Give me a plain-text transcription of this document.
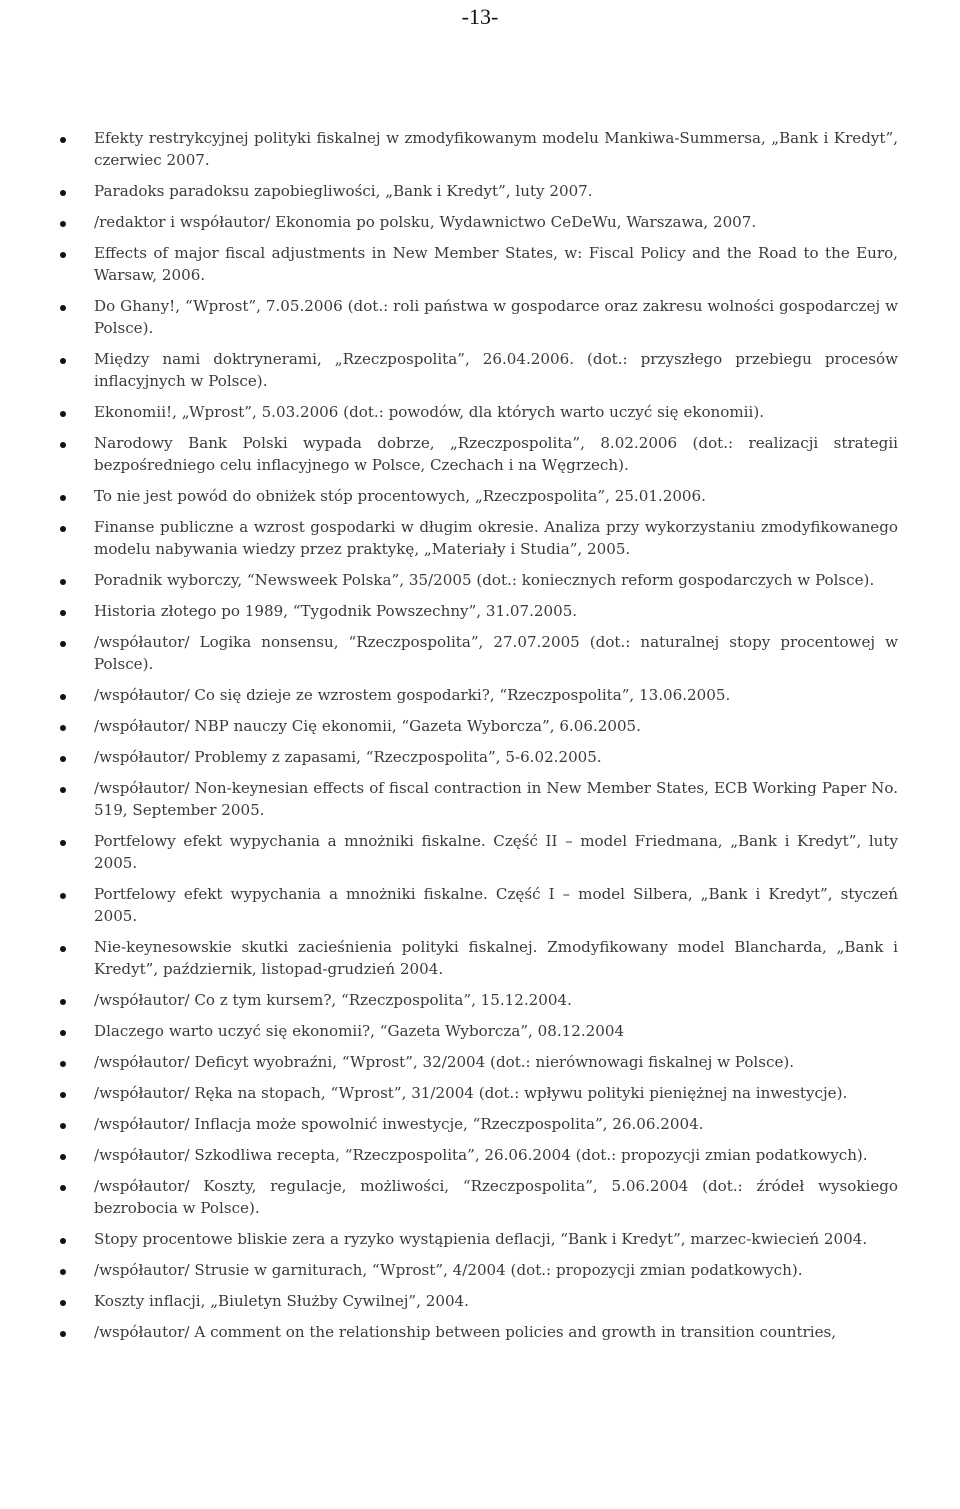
-13-
Efekty restrykcyjnej polityki fiskalnej w zmodyfikowanym modelu Mankiwa-Summersa, „Bank i Kredyt”, czerwiec 2007.
Paradoks paradoksu zapobiegliwości, „Bank i Kredyt”, luty 2007.
/redaktor i współautor/ Ekonomia po polsku, Wydawnictwo CeDeWu, Warszawa, 2007.
Effects of major fiscal adjustments in New Member States, w: Fiscal Policy and the Road to the Euro, Warsaw, 2006.
Do Ghany!, “Wprost”, 7.05.2006 (dot.: roli państwa w gospodarce oraz zakresu wolności gospodarczej w Polsce).
Między nami doktrynerami, „Rzeczpospolita”, 26.04.2006. (dot.: przyszłego przebiegu procesów inflacyjnych w Polsce).
Ekonomii!, „Wprost”, 5.03.2006 (dot.: powodów, dla których warto uczyć się ekonomii).
Narodowy Bank Polski wypada dobrze, „Rzeczpospolita”, 8.02.2006 (dot.: realizacji strategii bezpośredniego celu inflacyjnego w Polsce, Czechach i na Węgrzech).
To nie jest powód do obniżek stóp procentowych, „Rzeczpospolita”, 25.01.2006.
Finanse publiczne a wzrost gospodarki w długim okresie. Analiza przy wykorzystaniu zmodyfikowanego modelu nabywania wiedzy przez praktykę, „Materiały i Studia”, 2005.
Poradnik wyborczy, “Newsweek Polska”, 35/2005 (dot.: koniecznych reform gospodarczych w Polsce).
Historia złotego po 1989, “Tygodnik Powszechny”, 31.07.2005.
/współautor/ Logika nonsensu, “Rzeczpospolita”, 27.07.2005 (dot.: naturalnej stopy procentowej w Polsce).
/współautor/ Co się dzieje ze wzrostem gospodarki?, “Rzeczpospolita”, 13.06.2005.
/współautor/ NBP nauczy Cię ekonomii, “Gazeta Wyborcza”, 6.06.2005.
/współautor/ Problemy z zapasami, “Rzeczpospolita”, 5-6.02.2005.
/współautor/ Non-keynesian effects of fiscal contraction in New Member States, ECB Working Paper No. 519, September 2005.
Portfelowy efekt wypychania a mnożniki fiskalne. Część II – model Friedmana, „Bank i Kredyt”, luty 2005.
Portfelowy efekt wypychania a mnożniki fiskalne. Część I – model Silbera, „Bank i Kredyt”, styczeń 2005.
Nie-keynesowskie skutki zacieśnienia polityki fiskalnej. Zmodyfikowany model Blancharda, „Bank i Kredyt”, październik, listopad-grudzień 2004.
/współautor/ Co z tym kursem?, “Rzeczpospolita”, 15.12.2004.
Dlaczego warto uczyć się ekonomii?, “Gazeta Wyborcza”, 08.12.2004
/współautor/ Deficyt wyobraźni, “Wprost”, 32/2004 (dot.: nierównowagi fiskalnej w Polsce).
/współautor/ Ręka na stopach, “Wprost”, 31/2004 (dot.: wpływu polityki pieniężnej na inwestycje).
/współautor/ Inflacja może spowolnić inwestycje, “Rzeczpospolita”, 26.06.2004.
/współautor/ Szkodliwa recepta, “Rzeczpospolita”, 26.06.2004 (dot.: propozycji zmian podatkowych).
/współautor/ Koszty, regulacje, możliwości, “Rzeczpospolita”, 5.06.2004 (dot.: źródeł wysokiego bezrobocia w Polsce).
Stopy procentowe bliskie zera a ryzyko wystąpienia deflacji, “Bank i Kredyt”, marzec-kwiecień 2004.
/współautor/ Strusie w garniturach, “Wprost”, 4/2004 (dot.: propozycji zmian podatkowych).
Koszty inflacji, „Biuletyn Służby Cywilnej”, 2004.
/współautor/ A comment on the relationship between policies and growth in transition countries,
